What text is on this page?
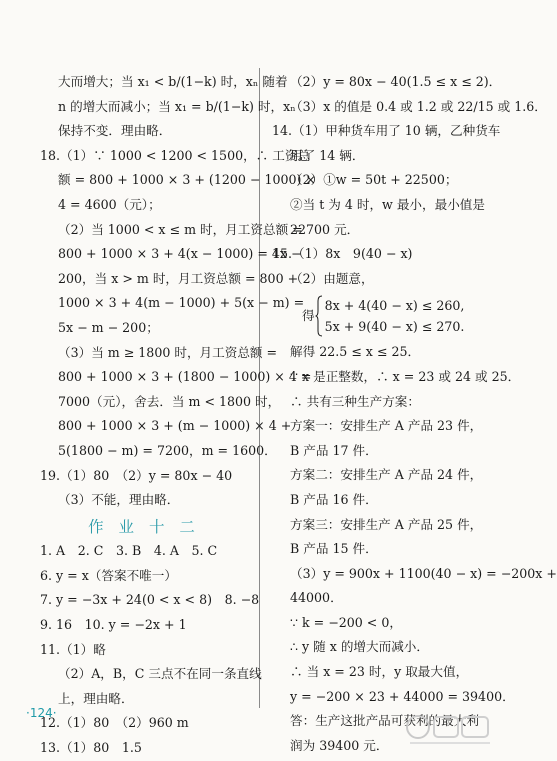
大而增大；当 x₁ < b/(1−k) 时，xₙ 随着
n 的增大而减小；当 x₁ = b/(1−k) 时，xₙ
保持不变．理由略．
18.（1）∵ 1000 < 1200 < 1500，∴ 工资总
额 = 800 + 1000 × 3 + (1200 − 1000) ×
4 = 4600（元）；
（2）当 1000 < x ≤ m 时，月工资总额 =
800 + 1000 × 3 + 4(x − 1000) = 4x −
200，当 x > m 时，月工资总额 = 800 +
1000 × 3 + 4(m − 1000) + 5(x − m) =
5x − m − 200；
（3）当 m ≥ 1800 时，月工资总额 =
800 + 1000 × 3 + (1800 − 1000) × 4 =
7000（元），舍去．当 m < 1800 时，
800 + 1000 × 3 + (m − 1000) × 4 +
5(1800 − m) = 7200，m = 1600．
19.（1）80　（2）y = 80x − 40
（3）不能，理由略．
作 业 十 二
1. A　2. C　3. B　4. A　5. C
6. y = x（答案不唯一）
7. y = −3x + 24(0 < x < 8)　8. −8
9. 16　10. y = −2x + 1
11.（1）略
（2）A，B，C 三点不在同一条直线
上，理由略．
12.（1）80　（2）960 m
13.（1）80　1.5
（2）y = 80x − 40(1.5 ≤ x ≤ 2)．
（3）x 的值是 0.4 或 1.2 或 22/15 或 1.6．
14.（1）甲种货车用了 10 辆，乙种货车
用了 14 辆．
（2）①w = 50t + 22500；
②当 t 为 4 时，w 最小，最小值是
22700 元．
15.（1）8x　9(40 − x)
（2）由题意，
得
8x + 4(40 − x) ≤ 260,
5x + 9(40 − x) ≤ 270.
解得 22.5 ≤ x ≤ 25．
∵ x 是正整数，∴ x = 23 或 24 或 25．
∴ 共有三种生产方案：
方案一：安排生产 A 产品 23 件，
B 产品 17 件．
方案二：安排生产 A 产品 24 件，
B 产品 16 件．
方案三：安排生产 A 产品 25 件，
B 产品 15 件．
（3）y = 900x + 1100(40 − x) = −200x +
44000．
∵ k = −200 < 0，
∴ y 随 x 的增大而减小．
∴ 当 x = 23 时，y 取最大值，
y = −200 × 23 + 44000 = 39400．
答：生产这批产品可获利的最大利
润为 39400 元．
·124·
